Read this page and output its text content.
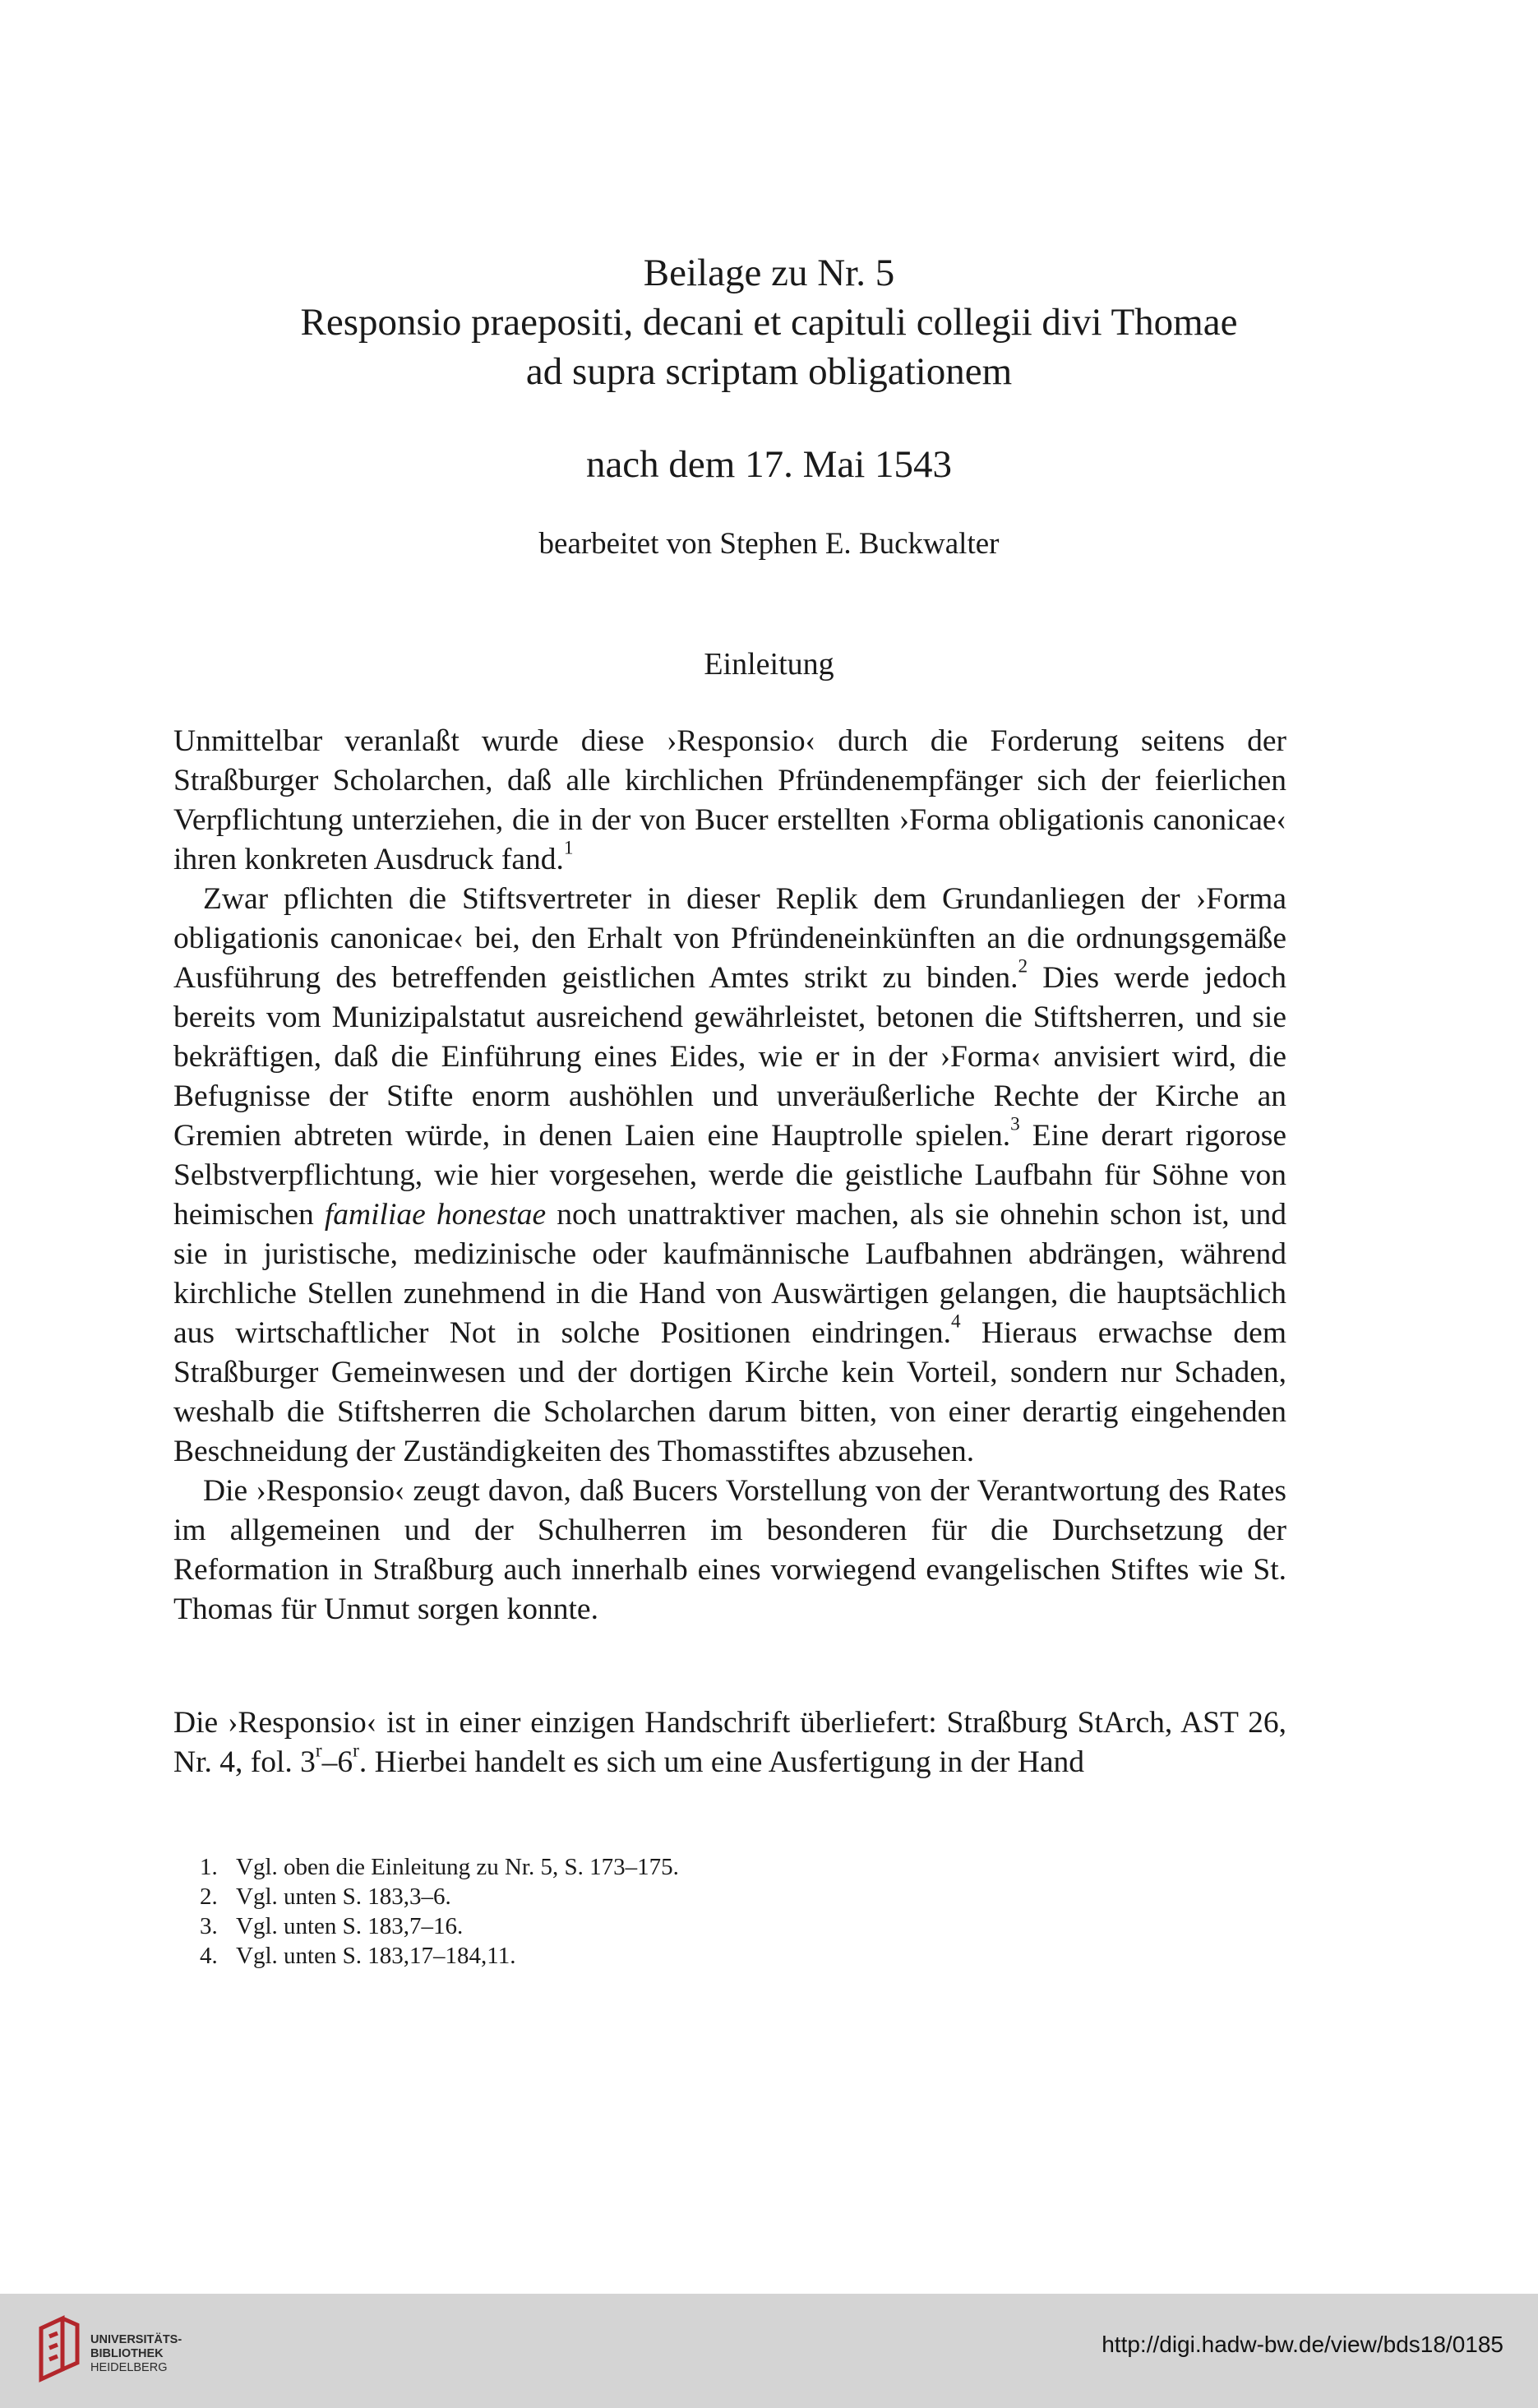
Beilage zu Nr. 5
Responsio praepositi, decani et capituli collegii divi Thomae
ad supra scriptam obligationem
nach dem 17. Mai 1543
bearbeitet von Stephen E. Buckwalter
Einleitung

Unmittelbar veranlaßt wurde diese ›Responsio‹ durch die Forderung seitens der Straßburger Scholarchen, daß alle kirchlichen Pfründenempfänger sich der feierlichen Verpflichtung unterziehen, die in der von Bucer erstellten ›Forma obligationis canonicae‹ ihren konkreten Ausdruck fand.$^1$

Zwar pflichten die Stiftsvertreter in dieser Replik dem Grundanliegen der ›Forma obligationis canonicae‹ bei, den Erhalt von Pfründeneinkünften an die ordnungsgemäße Ausführung des betreffenden geistlichen Amtes strikt zu binden.$^2$ Dies werde jedoch bereits vom Munizipalstatut ausreichend gewährleistet, betonen die Stiftsherren, und sie bekräftigen, daß die Einführung eines Eides, wie er in der ›Forma‹ anvisiert wird, die Befugnisse der Stifte enorm aushöhlen und unveräußerliche Rechte der Kirche an Gremien abtreten würde, in denen Laien eine Hauptrolle spielen.$^3$ Eine derart rigorose Selbstverpflichtung, wie hier vorgesehen, werde die geistliche Laufbahn für Söhne von heimischen familiae honestae noch unattraktiver machen, als sie ohnehin schon ist, und sie in juristische, medizinische oder kaufmännische Laufbahnen abdrängen, während kirchliche Stellen zunehmend in die Hand von Auswärtigen gelangen, die hauptsächlich aus wirtschaftlicher Not in solche Positionen eindringen.$^4$ Hieraus erwachse dem Straßburger Gemeinwesen und der dortigen Kirche kein Vorteil, sondern nur Schaden, weshalb die Stiftsherren die Scholarchen darum bitten, von einer derartig eingehenden Beschneidung der Zuständigkeiten des Thomasstiftes abzusehen.

Die ›Responsio‹ zeugt davon, daß Bucers Vorstellung von der Verantwortung des Rates im allgemeinen und der Schulherren im besonderen für die Durchsetzung der Reformation in Straßburg auch innerhalb eines vorwiegend evangelischen Stiftes wie St. Thomas für Unmut sorgen konnte.

Die ›Responsio‹ ist in einer einzigen Handschrift überliefert: Straßburg StArch, AST 26, Nr. 4, fol. 3$^r$–6$^r$. Hierbei handelt es sich um eine Ausfertigung in der Hand

1. Vgl. oben die Einleitung zu Nr. 5, S. 173–175.
2. Vgl. unten S. 183,3–6.
3. Vgl. unten S. 183,7–16.
4. Vgl. unten S. 183,17–184,11.
UNIVERSITÄTS-
BIBLIOTHEK
HEIDELBERG
http://digi.hadw-bw.de/view/bds18/0185
